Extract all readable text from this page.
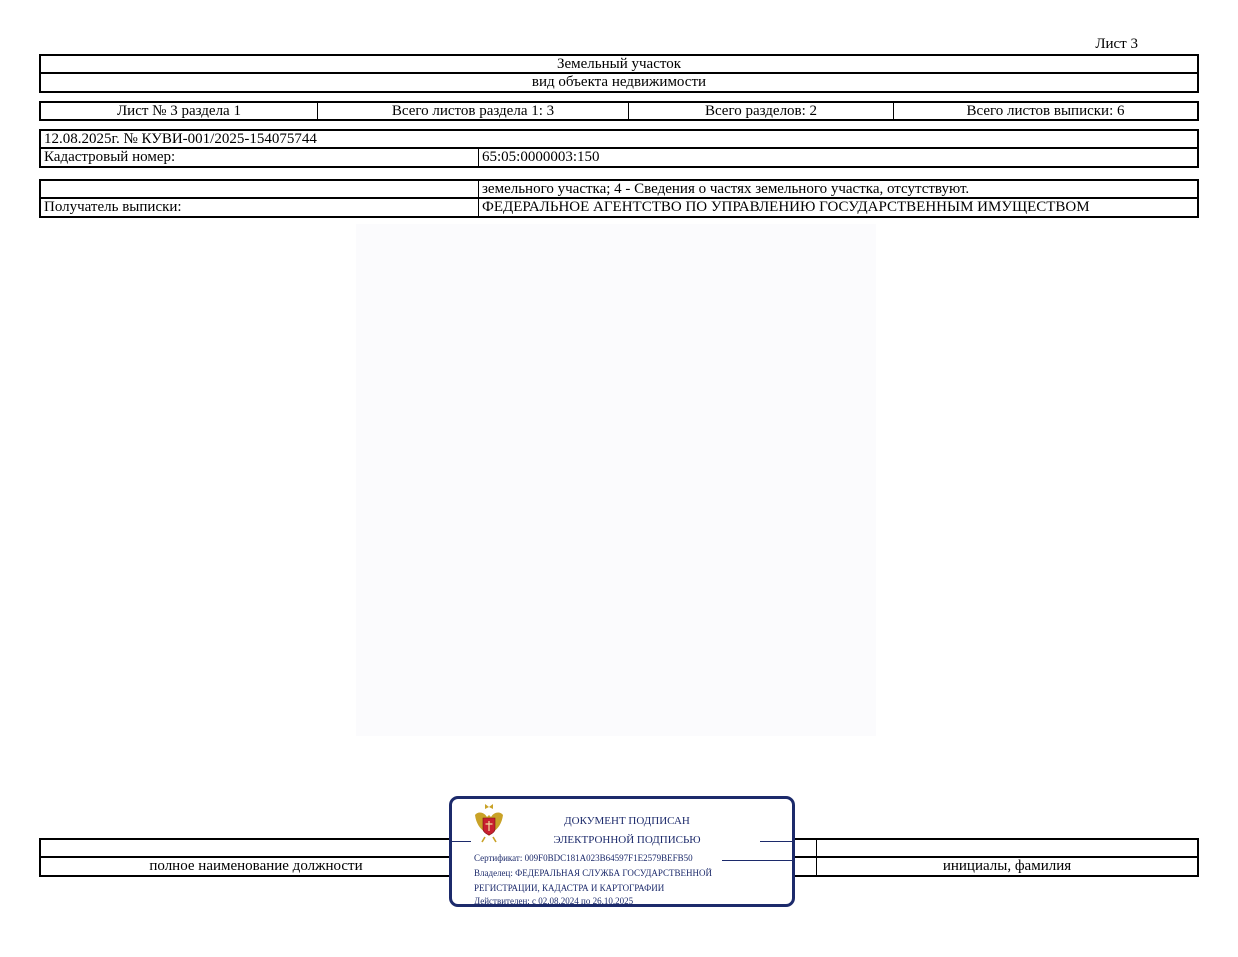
Лист 3
Земельный участок
вид объекта недвижимости
Лист № 3 раздела 1	Всего листов раздела 1: 3	Всего разделов: 2	Всего листов выписки: 6
12.08.2025г. № КУВИ-001/2025-154075744
Кадастровый номер:	65:05:0000003:150
земельного участка; 4 - Сведения о частях земельного участка, отсутствуют.
Получатель выписки:	ФЕДЕРАЛЬНОЕ АГЕНТСТВО ПО УПРАВЛЕНИЮ ГОСУДАРСТВЕННЫМ ИМУЩЕСТВОМ
полное наименование должности	инициалы, фамилия
ДОКУМЕНТ ПОДПИСАН
ЭЛЕКТРОННОЙ ПОДПИСЬЮ
Сертификат: 009F0BDC181A023B64597F1E2579BEFB50
Владелец: ФЕДЕРАЛЬНАЯ СЛУЖБА ГОСУДАРСТВЕННОЙ
РЕГИСТРАЦИИ, КАДАСТРА И КАРТОГРАФИИ
Действителен: с 02.08.2024 по 26.10.2025
